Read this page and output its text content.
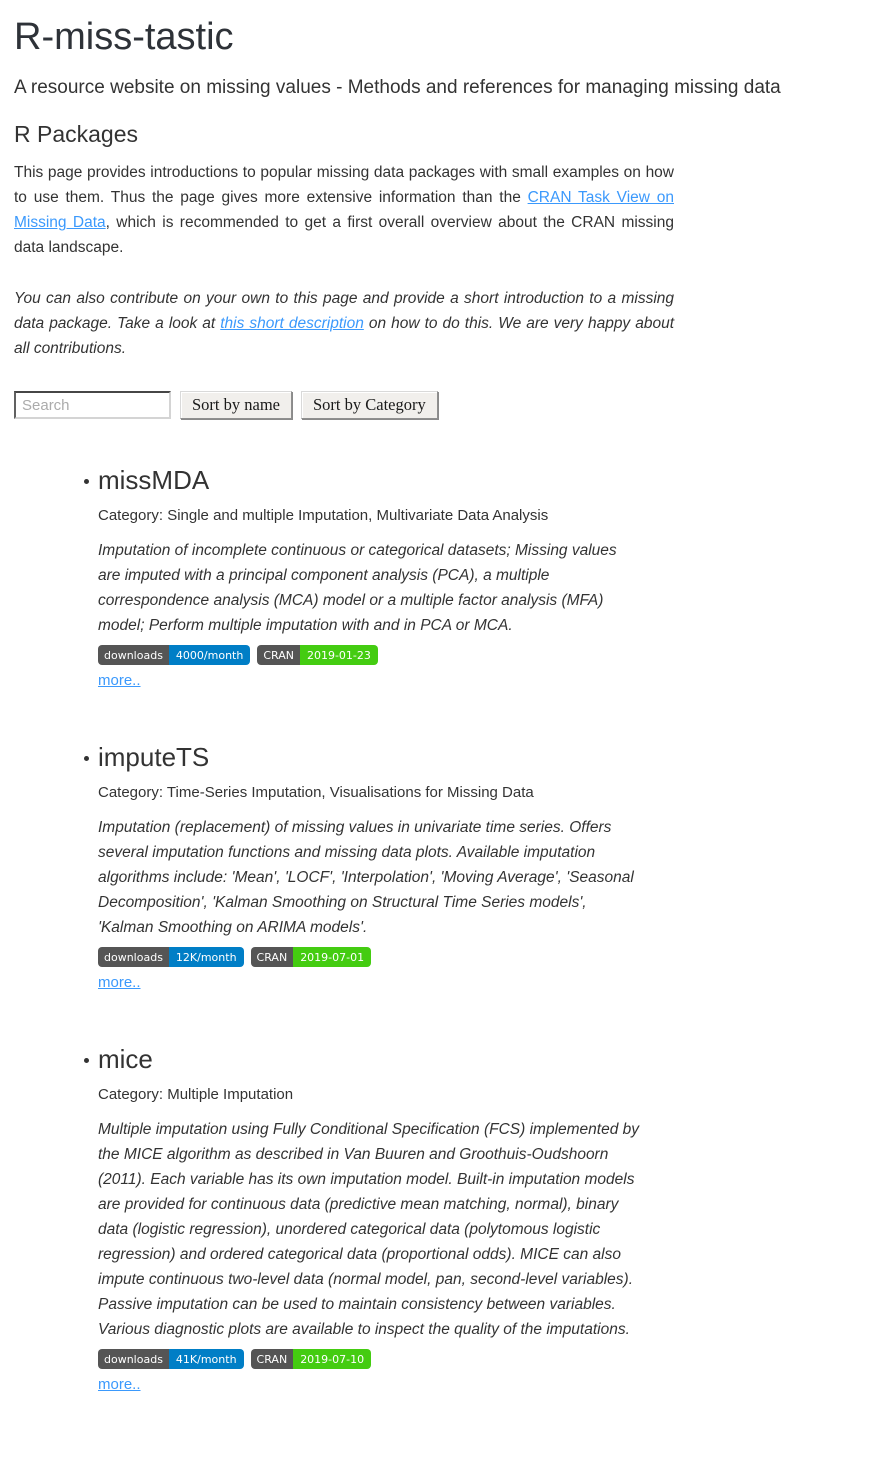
R-miss-tastic

A resource website on missing values - Methods and references for managing missing data

R Packages

This page provides introductions to popular missing data packages with small examples on how to use them. Thus the page gives more extensive information than the CRAN Task View on Missing Data, which is recommended to get a first overall overview about the CRAN missing data landscape.

You can also contribute on your own to this page and provide a short introduction to a missing data package. Take a look at this short description on how to do this. We are very happy about all contributions.

Search
Sort by name	Sort by Category
missMDA

Category: Single and multiple Imputation, Multivariate Data Analysis

Imputation of incomplete continuous or categorical datasets; Missing values are imputed with a principal component analysis (PCA), a multiple correspondence analysis (MCA) model or a multiple factor analysis (MFA) model; Perform multiple imputation with and in PCA or MCA.

downloads	4000/month	CRAN	2019-01-23
more..
imputeTS

Category: Time-Series Imputation, Visualisations for Missing Data

Imputation (replacement) of missing values in univariate time series. Offers several imputation functions and missing data plots. Available imputation algorithms include: 'Mean', 'LOCF', 'Interpolation', 'Moving Average', 'Seasonal Decomposition', 'Kalman Smoothing on Structural Time Series models', 'Kalman Smoothing on ARIMA models'.

downloads	12K/month	CRAN	2019-07-01
more..
mice

Category: Multiple Imputation

Multiple imputation using Fully Conditional Specification (FCS) implemented by the MICE algorithm as described in Van Buuren and Groothuis-Oudshoorn (2011). Each variable has its own imputation model. Built-in imputation models are provided for continuous data (predictive mean matching, normal), binary data (logistic regression), unordered categorical data (polytomous logistic regression) and ordered categorical data (proportional odds). MICE can also impute continuous two-level data (normal model, pan, second-level variables). Passive imputation can be used to maintain consistency between variables. Various diagnostic plots are available to inspect the quality of the imputations.

downloads	41K/month	CRAN	2019-07-10
more..
